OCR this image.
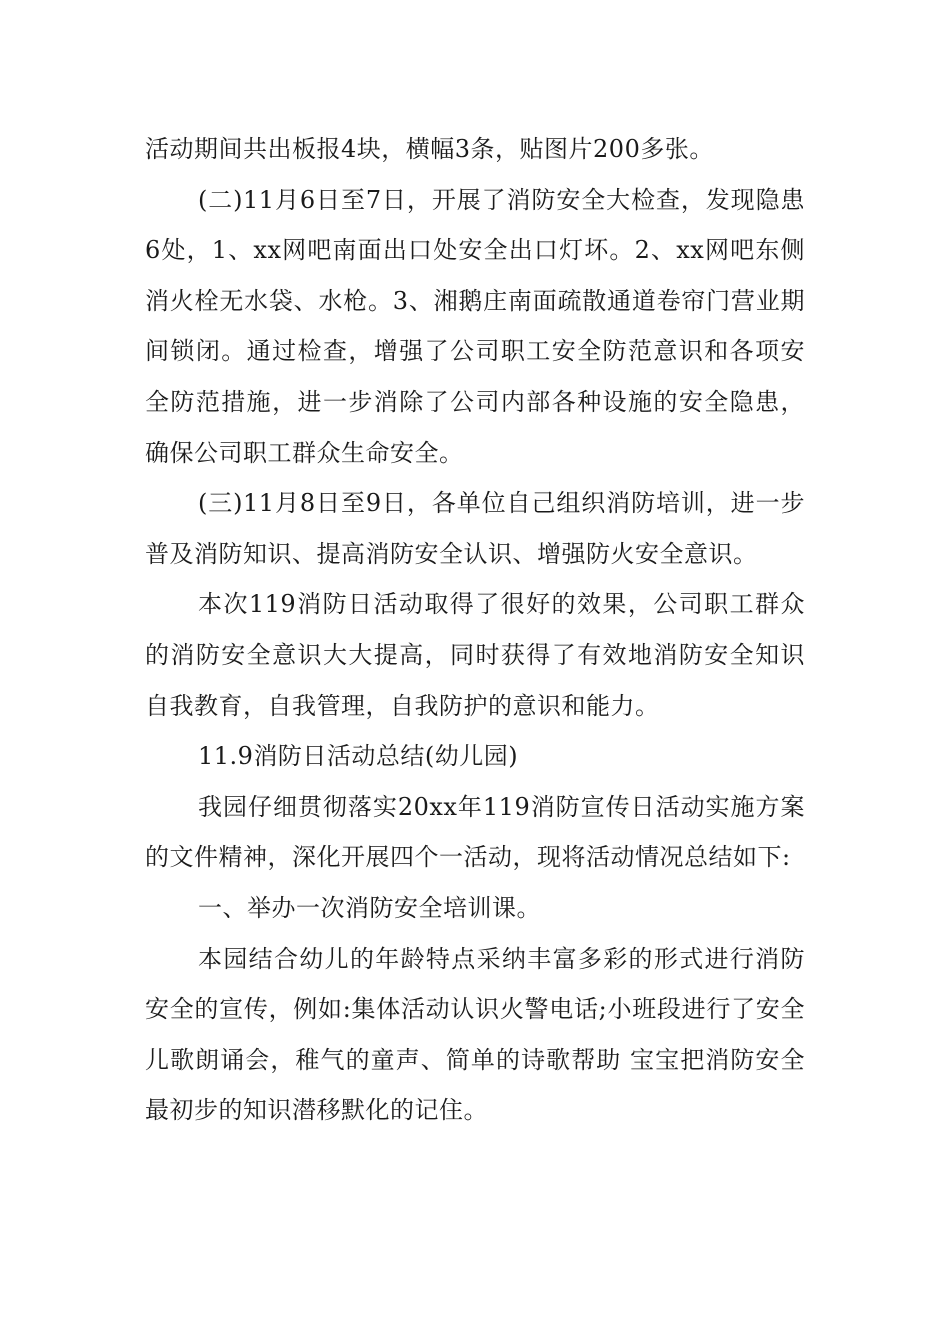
活动期间共出板报4块，横幅3条，贴图片200多张。

(二)11月6日至7日，开展了消防安全大检查，发现隐患6处，1、xx网吧南面出口处安全出口灯坏。2、xx网吧东侧消火栓无水袋、水枪。3、湘鹅庄南面疏散通道卷帘门营业期间锁闭。通过检查，增强了公司职工安全防范意识和各项安全防范措施，进一步消除了公司内部各种设施的安全隐患，确保公司职工群众生命安全。

(三)11月8日至9日，各单位自己组织消防培训，进一步普及消防知识、提高消防安全认识、增强防火安全意识。

本次119消防日活动取得了很好的效果，公司职工群众的消防安全意识大大提高，同时获得了有效地消防安全知识自我教育，自我管理，自我防护的意识和能力。

11.9消防日活动总结(幼儿园)

我园仔细贯彻落实20xx年119消防宣传日活动实施方案的文件精神，深化开展四个一活动，现将活动情况总结如下:

一、举办一次消防安全培训课。

本园结合幼儿的年龄特点采纳丰富多彩的形式进行消防安全的宣传，例如:集体活动认识火警电话;小班段进行了安全儿歌朗诵会，稚气的童声、简单的诗歌帮助 宝宝把消防安全最初步的知识潜移默化的记住。
